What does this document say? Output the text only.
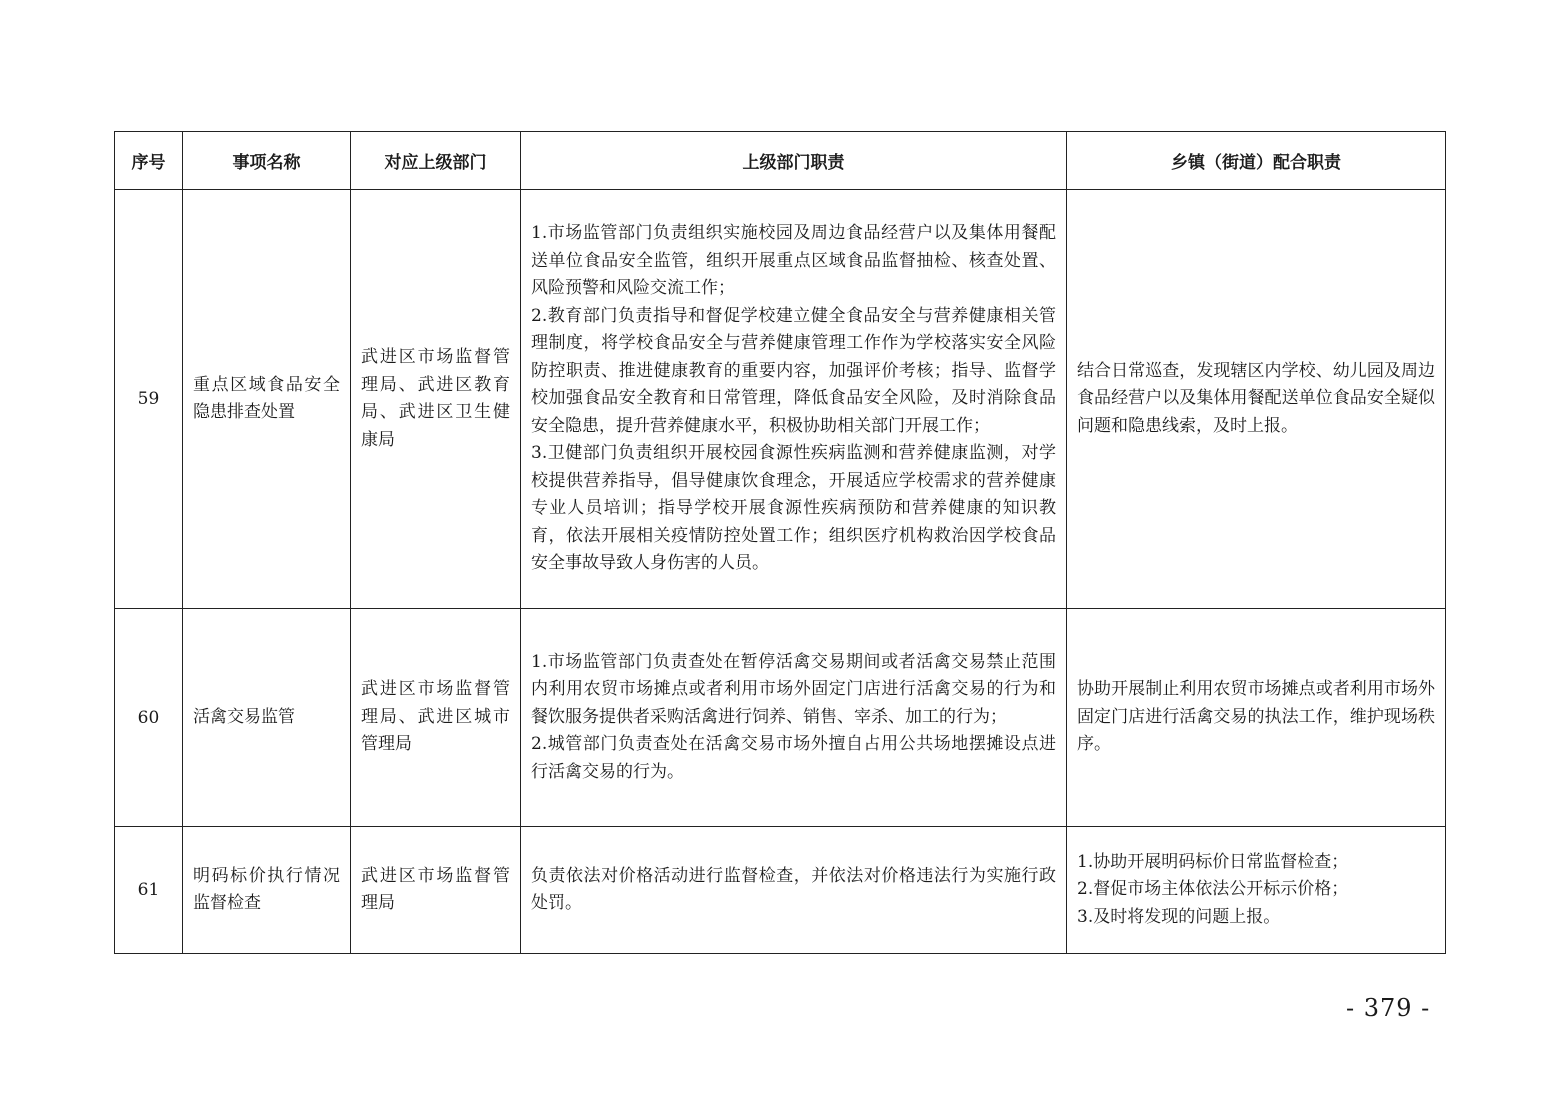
序号	事项名称	对应上级部门	上级部门职责	乡镇（街道）配合职责
59	重点区域食品安全隐患排查处置	武进区市场监督管理局、武进区教育局、武进区卫生健康局	1.市场监管部门负责组织实施校园及周边食品经营户以及集体用餐配送单位食品安全监管，组织开展重点区域食品监督抽检、核查处置、风险预警和风险交流工作；
2.教育部门负责指导和督促学校建立健全食品安全与营养健康相关管理制度，将学校食品安全与营养健康管理工作作为学校落实安全风险防控职责、推进健康教育的重要内容，加强评价考核；指导、监督学校加强食品安全教育和日常管理，降低食品安全风险，及时消除食品安全隐患，提升营养健康水平，积极协助相关部门开展工作；
3.卫健部门负责组织开展校园食源性疾病监测和营养健康监测，对学校提供营养指导，倡导健康饮食理念，开展适应学校需求的营养健康专业人员培训；指导学校开展食源性疾病预防和营养健康的知识教育，依法开展相关疫情防控处置工作；组织医疗机构救治因学校食品安全事故导致人身伤害的人员。	结合日常巡查，发现辖区内学校、幼儿园及周边食品经营户以及集体用餐配送单位食品安全疑似问题和隐患线索，及时上报。

60	活禽交易监管	武进区市场监督管理局、武进区城市管理局	1.市场监管部门负责查处在暂停活禽交易期间或者活禽交易禁止范围内利用农贸市场摊点或者利用市场外固定门店进行活禽交易的行为和餐饮服务提供者采购活禽进行饲养、销售、宰杀、加工的行为；
2.城管部门负责查处在活禽交易市场外擅自占用公共场地摆摊设点进行活禽交易的行为。	协助开展制止利用农贸市场摊点或者利用市场外固定门店进行活禽交易的执法工作，维护现场秩序。

61	明码标价执行情况监督检查	武进区市场监督管理局	负责依法对价格活动进行监督检查，并依法对价格违法行为实施行政处罚。	1.协助开展明码标价日常监督检查；
2.督促市场主体依法公开标示价格；
3.及时将发现的问题上报。
- 379 -
